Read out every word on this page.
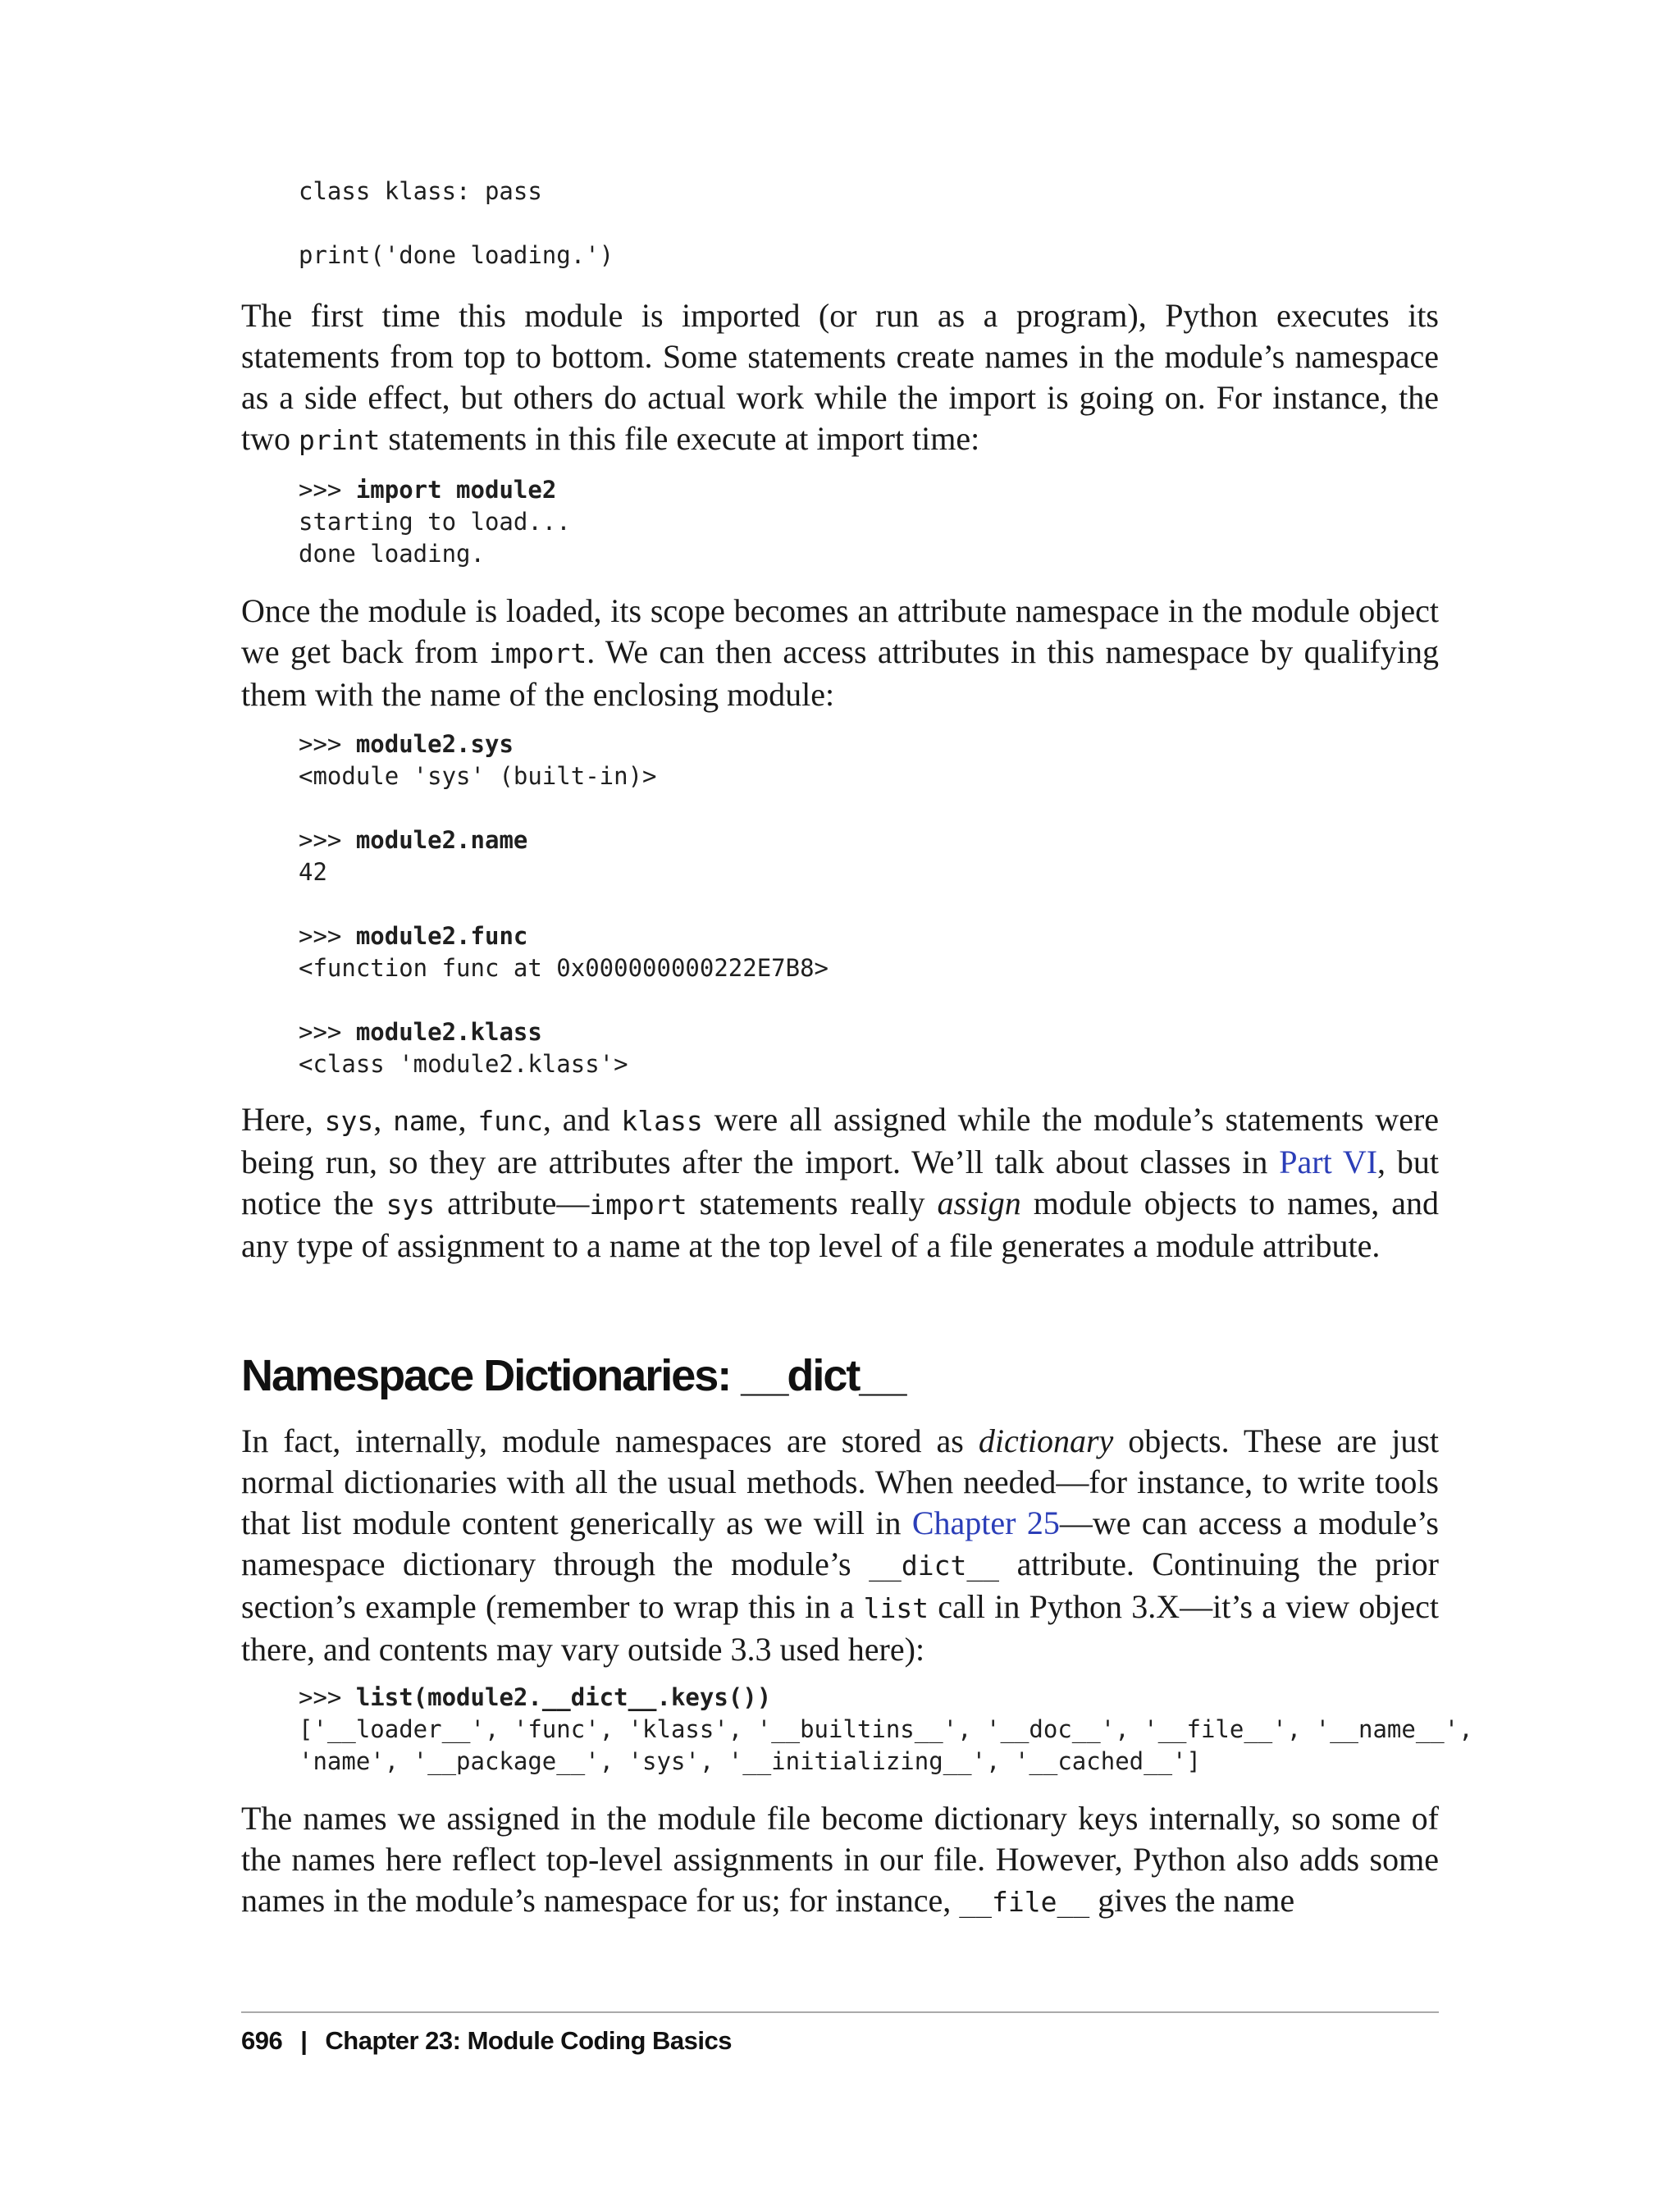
class klass: pass

print('done loading.')

The first time this module is imported (or run as a program), Python executes its statements from top to bottom. Some statements create names in the module’s namespace as a side effect, but others do actual work while the import is going on. For instance, the two print statements in this file execute at import time:

>>> import module2
starting to load...
done loading.

Once the module is loaded, its scope becomes an attribute namespace in the module object we get back from import. We can then access attributes in this namespace by qualifying them with the name of the enclosing module:

>>> module2.sys
<module 'sys' (built-in)>

>>> module2.name
42

>>> module2.func
<function func at 0x000000000222E7B8>

>>> module2.klass
<class 'module2.klass'>

Here, sys, name, func, and klass were all assigned while the module’s statements were being run, so they are attributes after the import. We’ll talk about classes in Part VI, but notice the sys attribute—import statements really assign module objects to names, and any type of assignment to a name at the top level of a file generates a module attribute.

Namespace Dictionaries: __dict__

In fact, internally, module namespaces are stored as dictionary objects. These are just normal dictionaries with all the usual methods. When needed—for instance, to write tools that list module content generically as we will in Chapter 25—we can access a module’s namespace dictionary through the module’s __dict__ attribute. Continuing the prior section’s example (remember to wrap this in a list call in Python 3.X—it’s a view object there, and contents may vary outside 3.3 used here):

>>> list(module2.__dict__.keys())
['__loader__', 'func', 'klass', '__builtins__', '__doc__', '__file__', '__name__',
'name', '__package__', 'sys', '__initializing__', '__cached__']

The names we assigned in the module file become dictionary keys internally, so some of the names here reflect top-level assignments in our file. However, Python also adds some names in the module’s namespace for us; for instance, __file__ gives the name

696 | Chapter 23: Module Coding Basics
